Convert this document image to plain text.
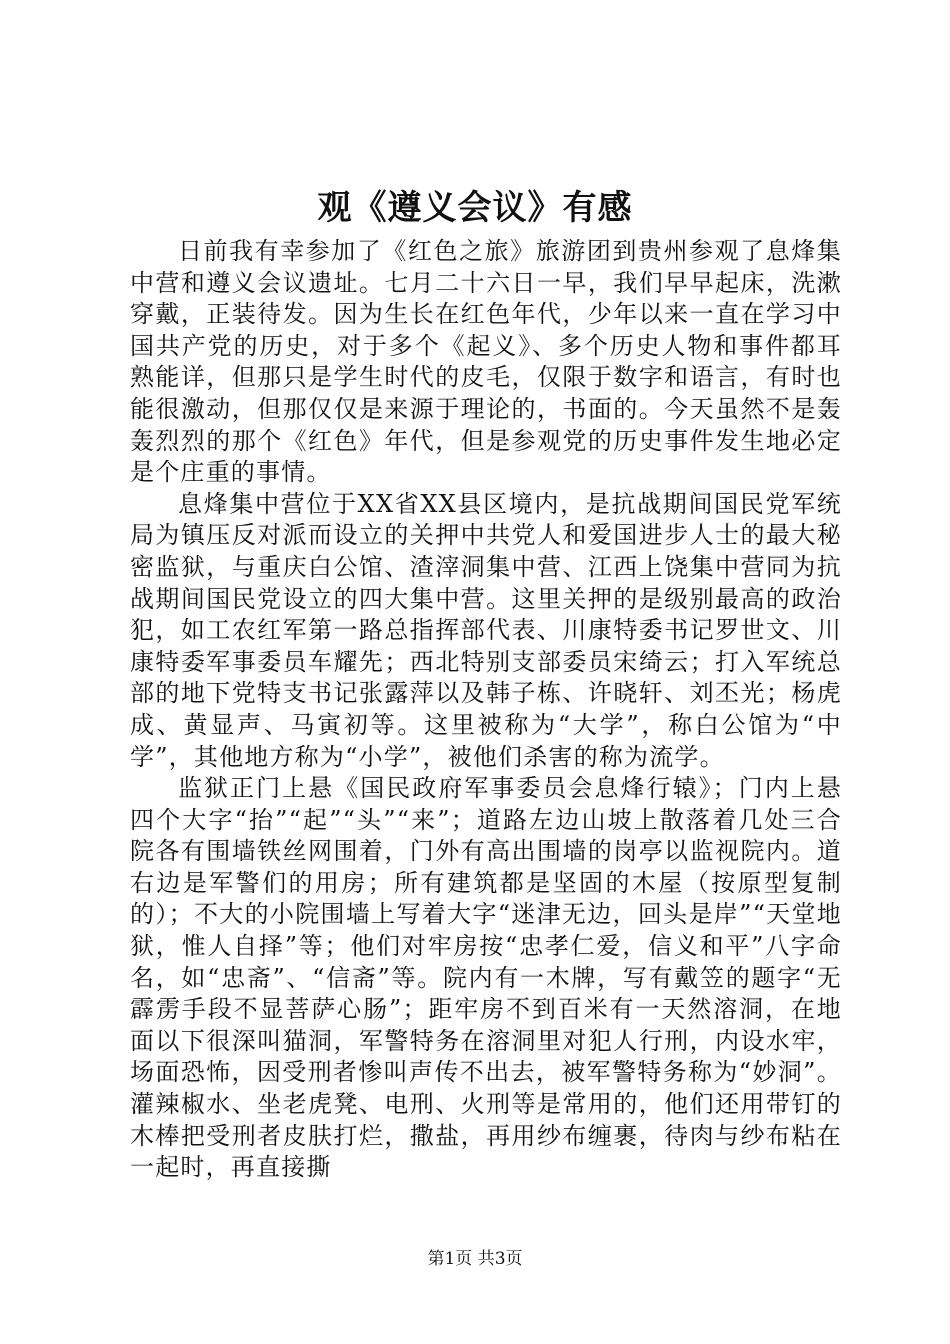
观《遵义会议》有感

日前我有幸参加了《红色之旅》旅游团到贵州参观了息烽集中营和遵义会议遗址。七月二十六日一早，我们早早起床，洗漱穿戴，正装待发。因为生长在红色年代，少年以来一直在学习中国共产党的历史，对于多个《起义》、多个历史人物和事件都耳熟能详，但那只是学生时代的皮毛，仅限于数字和语言，有时也能很激动，但那仅仅是来源于理论的，书面的。今天虽然不是轰轰烈烈的那个《红色》年代，但是参观党的历史事件发生地必定是个庄重的事情。

息烽集中营位于XX省XX县区境内，是抗战期间国民党军统局为镇压反对派而设立的关押中共党人和爱国进步人士的最大秘密监狱，与重庆白公馆、渣滓洞集中营、江西上饶集中营同为抗战期间国民党设立的四大集中营。这里关押的是级别最高的政治犯，如工农红军第一路总指挥部代表、川康特委书记罗世文、川康特委军事委员车耀先；西北特别支部委员宋绮云；打入军统总部的地下党特支书记张露萍以及韩子栋、许晓轩、刘丕光；杨虎成、黄显声、马寅初等。这里被称为“大学”，称白公馆为“中学”，其他地方称为“小学”，被他们杀害的称为流学。

监狱正门上悬《国民政府军事委员会息烽行辕》；门内上悬四个大字“抬”“起”“头”“来”；道路左边山坡上散落着几处三合院各有围墙铁丝网围着，门外有高出围墙的岗亭以监视院内。道右边是军警们的用房；所有建筑都是坚固的木屋（按原型复制的）；不大的小院围墙上写着大字“迷津无边，回头是岸”“天堂地狱，惟人自择”等；他们对牢房按“忠孝仁爱，信义和平”八字命名，如“忠斋”、“信斋”等。院内有一木牌，写有戴笠的题字“无霹雳手段不显菩萨心肠”；距牢房不到百米有一天然溶洞，在地面以下很深叫猫洞，军警特务在溶洞里对犯人行刑，内设水牢，场面恐怖，因受刑者惨叫声传不出去，被军警特务称为“妙洞”。灌辣椒水、坐老虎凳、电刑、火刑等是常用的，他们还用带钉的木棒把受刑者皮肤打烂，撒盐，再用纱布缠裹，待肉与纱布粘在一起时，再直接撕

第1页 共3页
